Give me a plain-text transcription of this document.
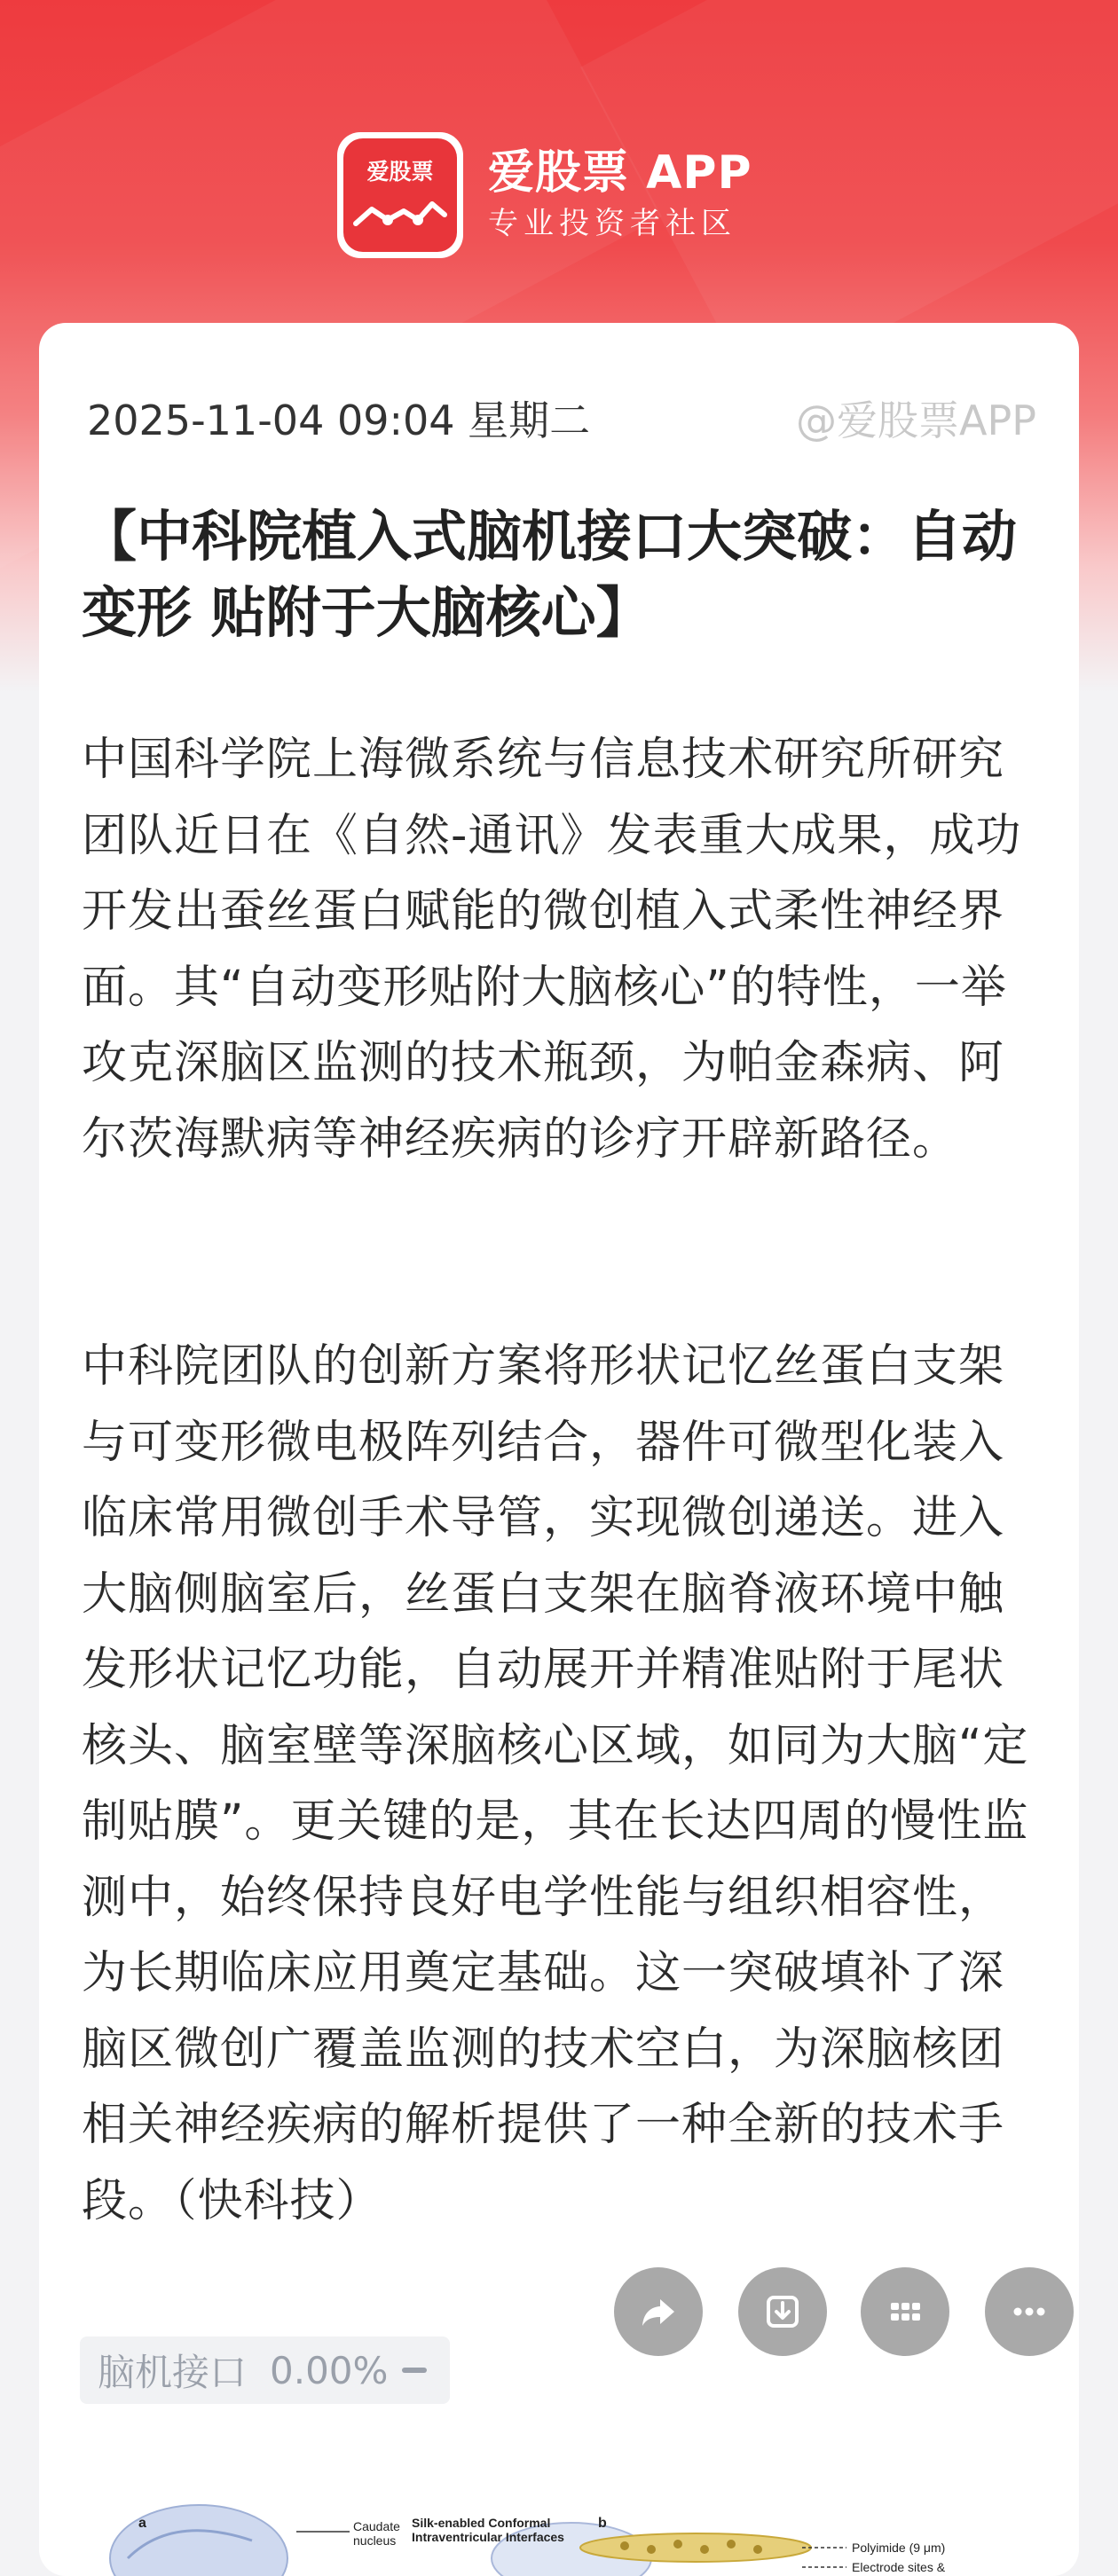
爱股票	爱股票 APP
专业投资者社区
2025-11-04 09:04 星期二	@爱股票APP
【中科院植入式脑机接口大突破：自动变形 贴附于大脑核心】

中国科学院上海微系统与信息技术研究所研究团队近日在《自然-通讯》发表重大成果，成功开发出蚕丝蛋白赋能的微创植入式柔性神经界面。其“自动变形贴附大脑核心”的特性，一举攻克深脑区监测的技术瓶颈，为帕金森病、阿尔茨海默病等神经疾病的诊疗开辟新路径。

中科院团队的创新方案将形状记忆丝蛋白支架与可变形微电极阵列结合，器件可微型化装入临床常用微创手术导管，实现微创递送。进入大脑侧脑室后，丝蛋白支架在脑脊液环境中触发形状记忆功能，自动展开并精准贴附于尾状核头、脑室壁等深脑核心区域，如同为大脑“定制贴膜”。更关键的是，其在长达四周的慢性监测中，始终保持良好电学性能与组织相容性，为长期临床应用奠定基础。这一突破填补了深脑区微创广覆盖监测的技术空白，为深脑核团相关神经疾病的解析提供了一种全新的技术手段。（快科技）

脑机接口 0.00%
a	Caudate nucleus
Silk-enabled Conformal Intraventricular Interfaces
b
Polyimide (9 μm)
Electrode sites &
